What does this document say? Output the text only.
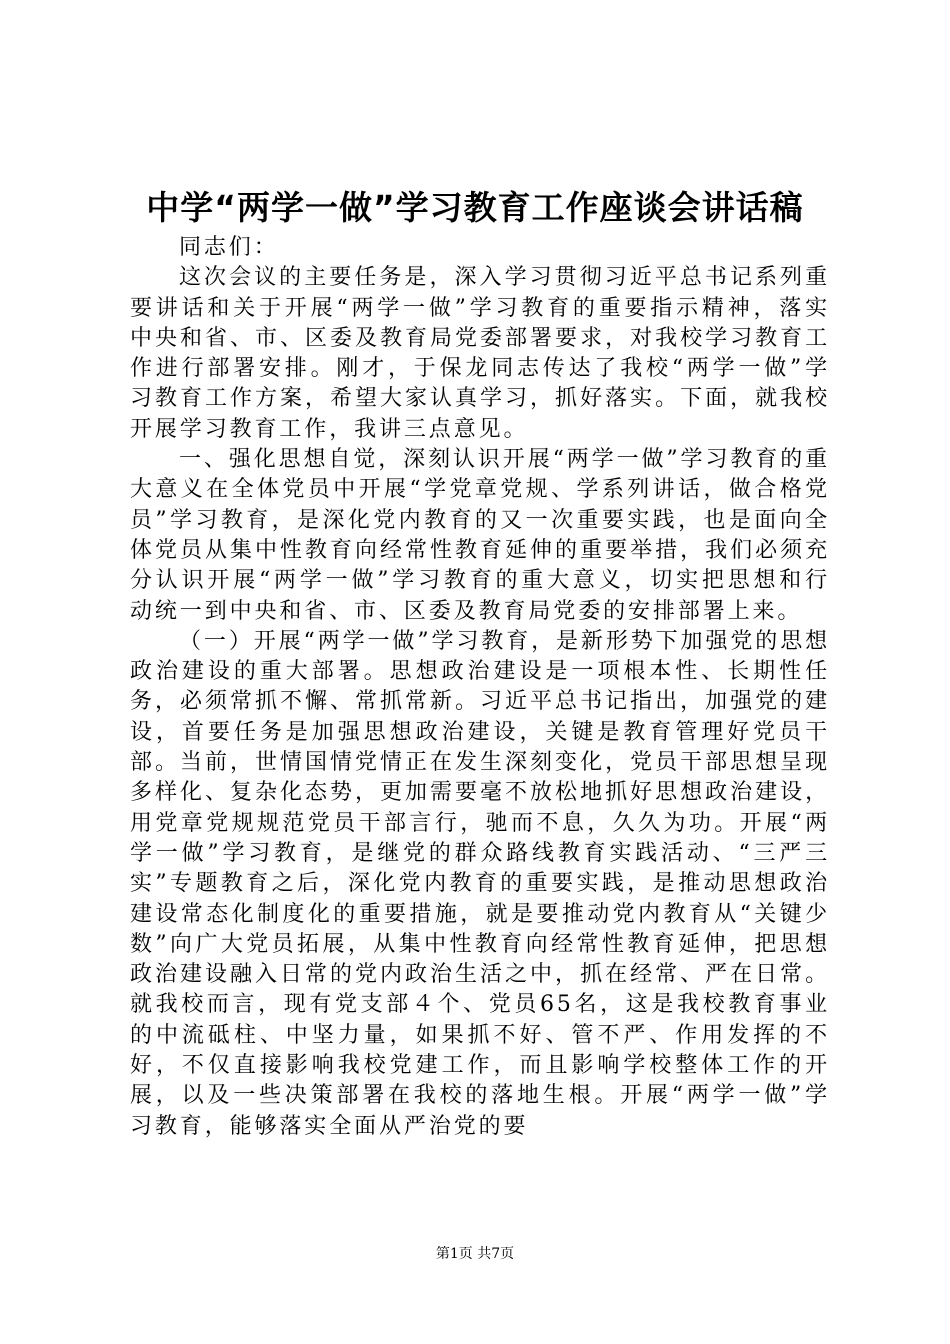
中学“两学一做”学习教育工作座谈会讲话稿

同志们：

这次会议的主要任务是，深入学习贯彻习近平总书记系列重要讲话和关于开展“两学一做”学习教育的重要指示精神，落实中央和省、市、区委及教育局党委部署要求，对我校学习教育工作进行部署安排。刚才，于保龙同志传达了我校“两学一做”学习教育工作方案，希望大家认真学习，抓好落实。下面，就我校开展学习教育工作，我讲三点意见。

一、强化思想自觉，深刻认识开展“两学一做”学习教育的重大意义在全体党员中开展“学党章党规、学系列讲话，做合格党员”学习教育，是深化党内教育的又一次重要实践，也是面向全体党员从集中性教育向经常性教育延伸的重要举措，我们必须充分认识开展“两学一做”学习教育的重大意义，切实把思想和行动统一到中央和省、市、区委及教育局党委的安排部署上来。

（一）开展“两学一做”学习教育，是新形势下加强党的思想政治建设的重大部署。思想政治建设是一项根本性、长期性任务，必须常抓不懈、常抓常新。习近平总书记指出，加强党的建设，首要任务是加强思想政治建设，关键是教育管理好党员干部。当前，世情国情党情正在发生深刻变化，党员干部思想呈现多样化、复杂化态势，更加需要毫不放松地抓好思想政治建设，用党章党规规范党员干部言行，驰而不息，久久为功。开展“两学一做”学习教育，是继党的群众路线教育实践活动、“三严三实”专题教育之后，深化党内教育的重要实践，是推动思想政治建设常态化制度化的重要措施，就是要推动党内教育从“关键少数”向广大党员拓展，从集中性教育向经常性教育延伸，把思想政治建设融入日常的党内政治生活之中，抓在经常、严在日常。就我校而言，现有党支部４个、党员65名，这是我校教育事业的中流砥柱、中坚力量，如果抓不好、管不严、作用发挥的不好，不仅直接影响我校党建工作，而且影响学校整体工作的开展，以及一些决策部署在我校的落地生根。开展“两学一做”学习教育，能够落实全面从严治党的要

第1页 共7页
